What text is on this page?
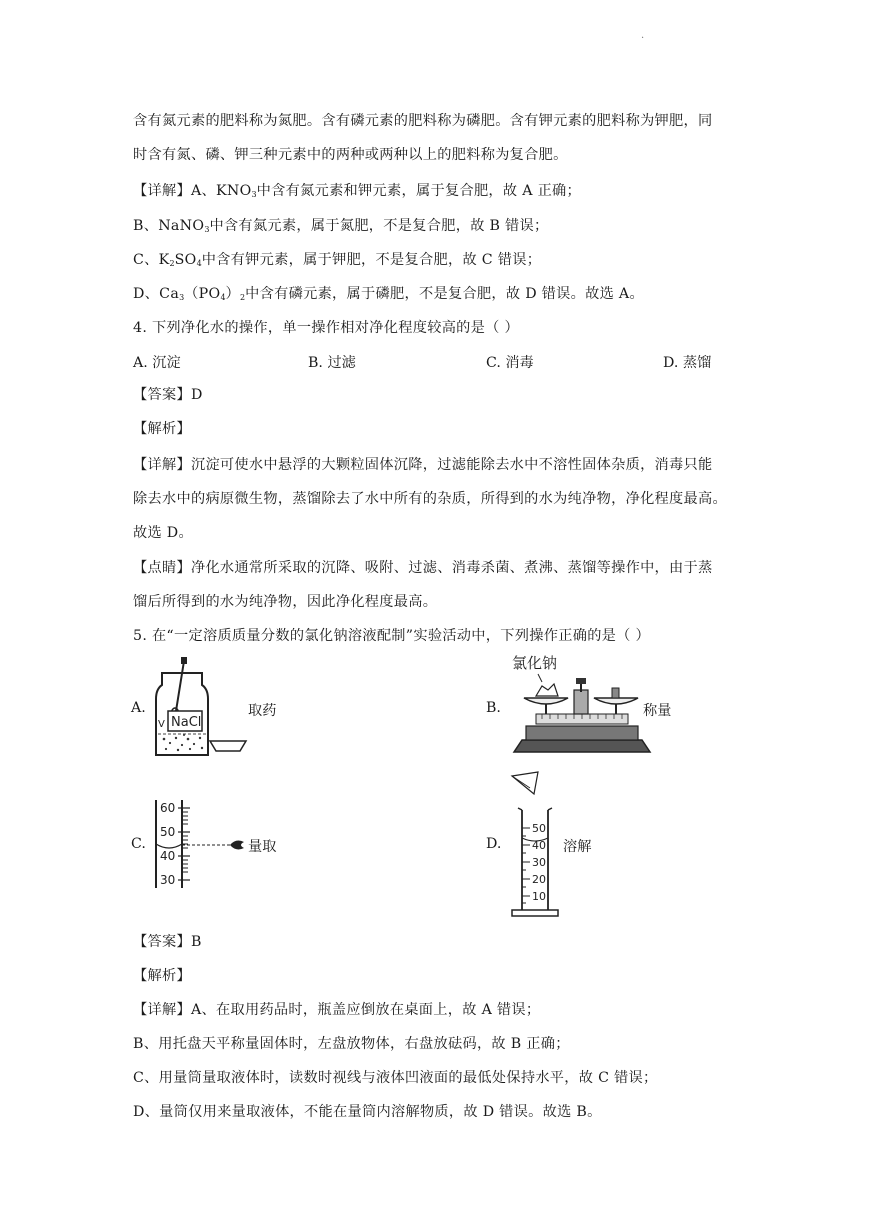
.
含有氮元素的肥料称为氮肥。含有磷元素的肥料称为磷肥。含有钾元素的肥料称为钾肥，同
时含有氮、磷、钾三种元素中的两种或两种以上的肥料称为复合肥。
【详解】A、$KNO_3$中含有氮元素和钾元素，属于复合肥，故 A 正确；
B、NaNO$_3$中含有氮元素，属于氮肥，不是复合肥，故 B 错误；
C、$K_2SO_4$中含有钾元素，属于钾肥，不是复合肥，故 C 错误；
D、$Ca_3(PO_4)_2$中含有磷元素，属于磷肥，不是复合肥，故 D 错误。故选 A。
4. 下列净化水的操作，单一操作相对净化程度较高的是（ ）
A. 沉淀	B. 过滤	C. 消毒	D. 蒸馏
【答案】D
【解析】
【详解】沉淀可使水中悬浮的大颗粒固体沉降，过滤能除去水中不溶性固体杂质，消毒只能
除去水中的病原微生物，蒸馏除去了水中所有的杂质，所得到的水为纯净物，净化程度最高。
故选 D。
【点睛】净化水通常所采取的沉降、吸附、过滤、消毒杀菌、煮沸、蒸馏等操作中，由于蒸
馏后所得到的水为纯净物，因此净化程度最高。
5. 在“一定溶质质量分数的氯化钠溶液配制”实验活动中，下列操作正确的是（ ）
A.
NaCl
V
取药	B.
氯化钠
称量
C.
60
50
40
30
量取	D.
50
40
30
20
10
溶解
【答案】B
【解析】
【详解】A、在取用药品时，瓶盖应倒放在桌面上，故 A 错误；
B、用托盘天平称量固体时，左盘放物体，右盘放砝码，故 B 正确；
C、用量筒量取液体时，读数时视线与液体凹液面的最低处保持水平，故 C 错误；
D、量筒仅用来量取液体，不能在量筒内溶解物质，故 D 错误。故选 B。
